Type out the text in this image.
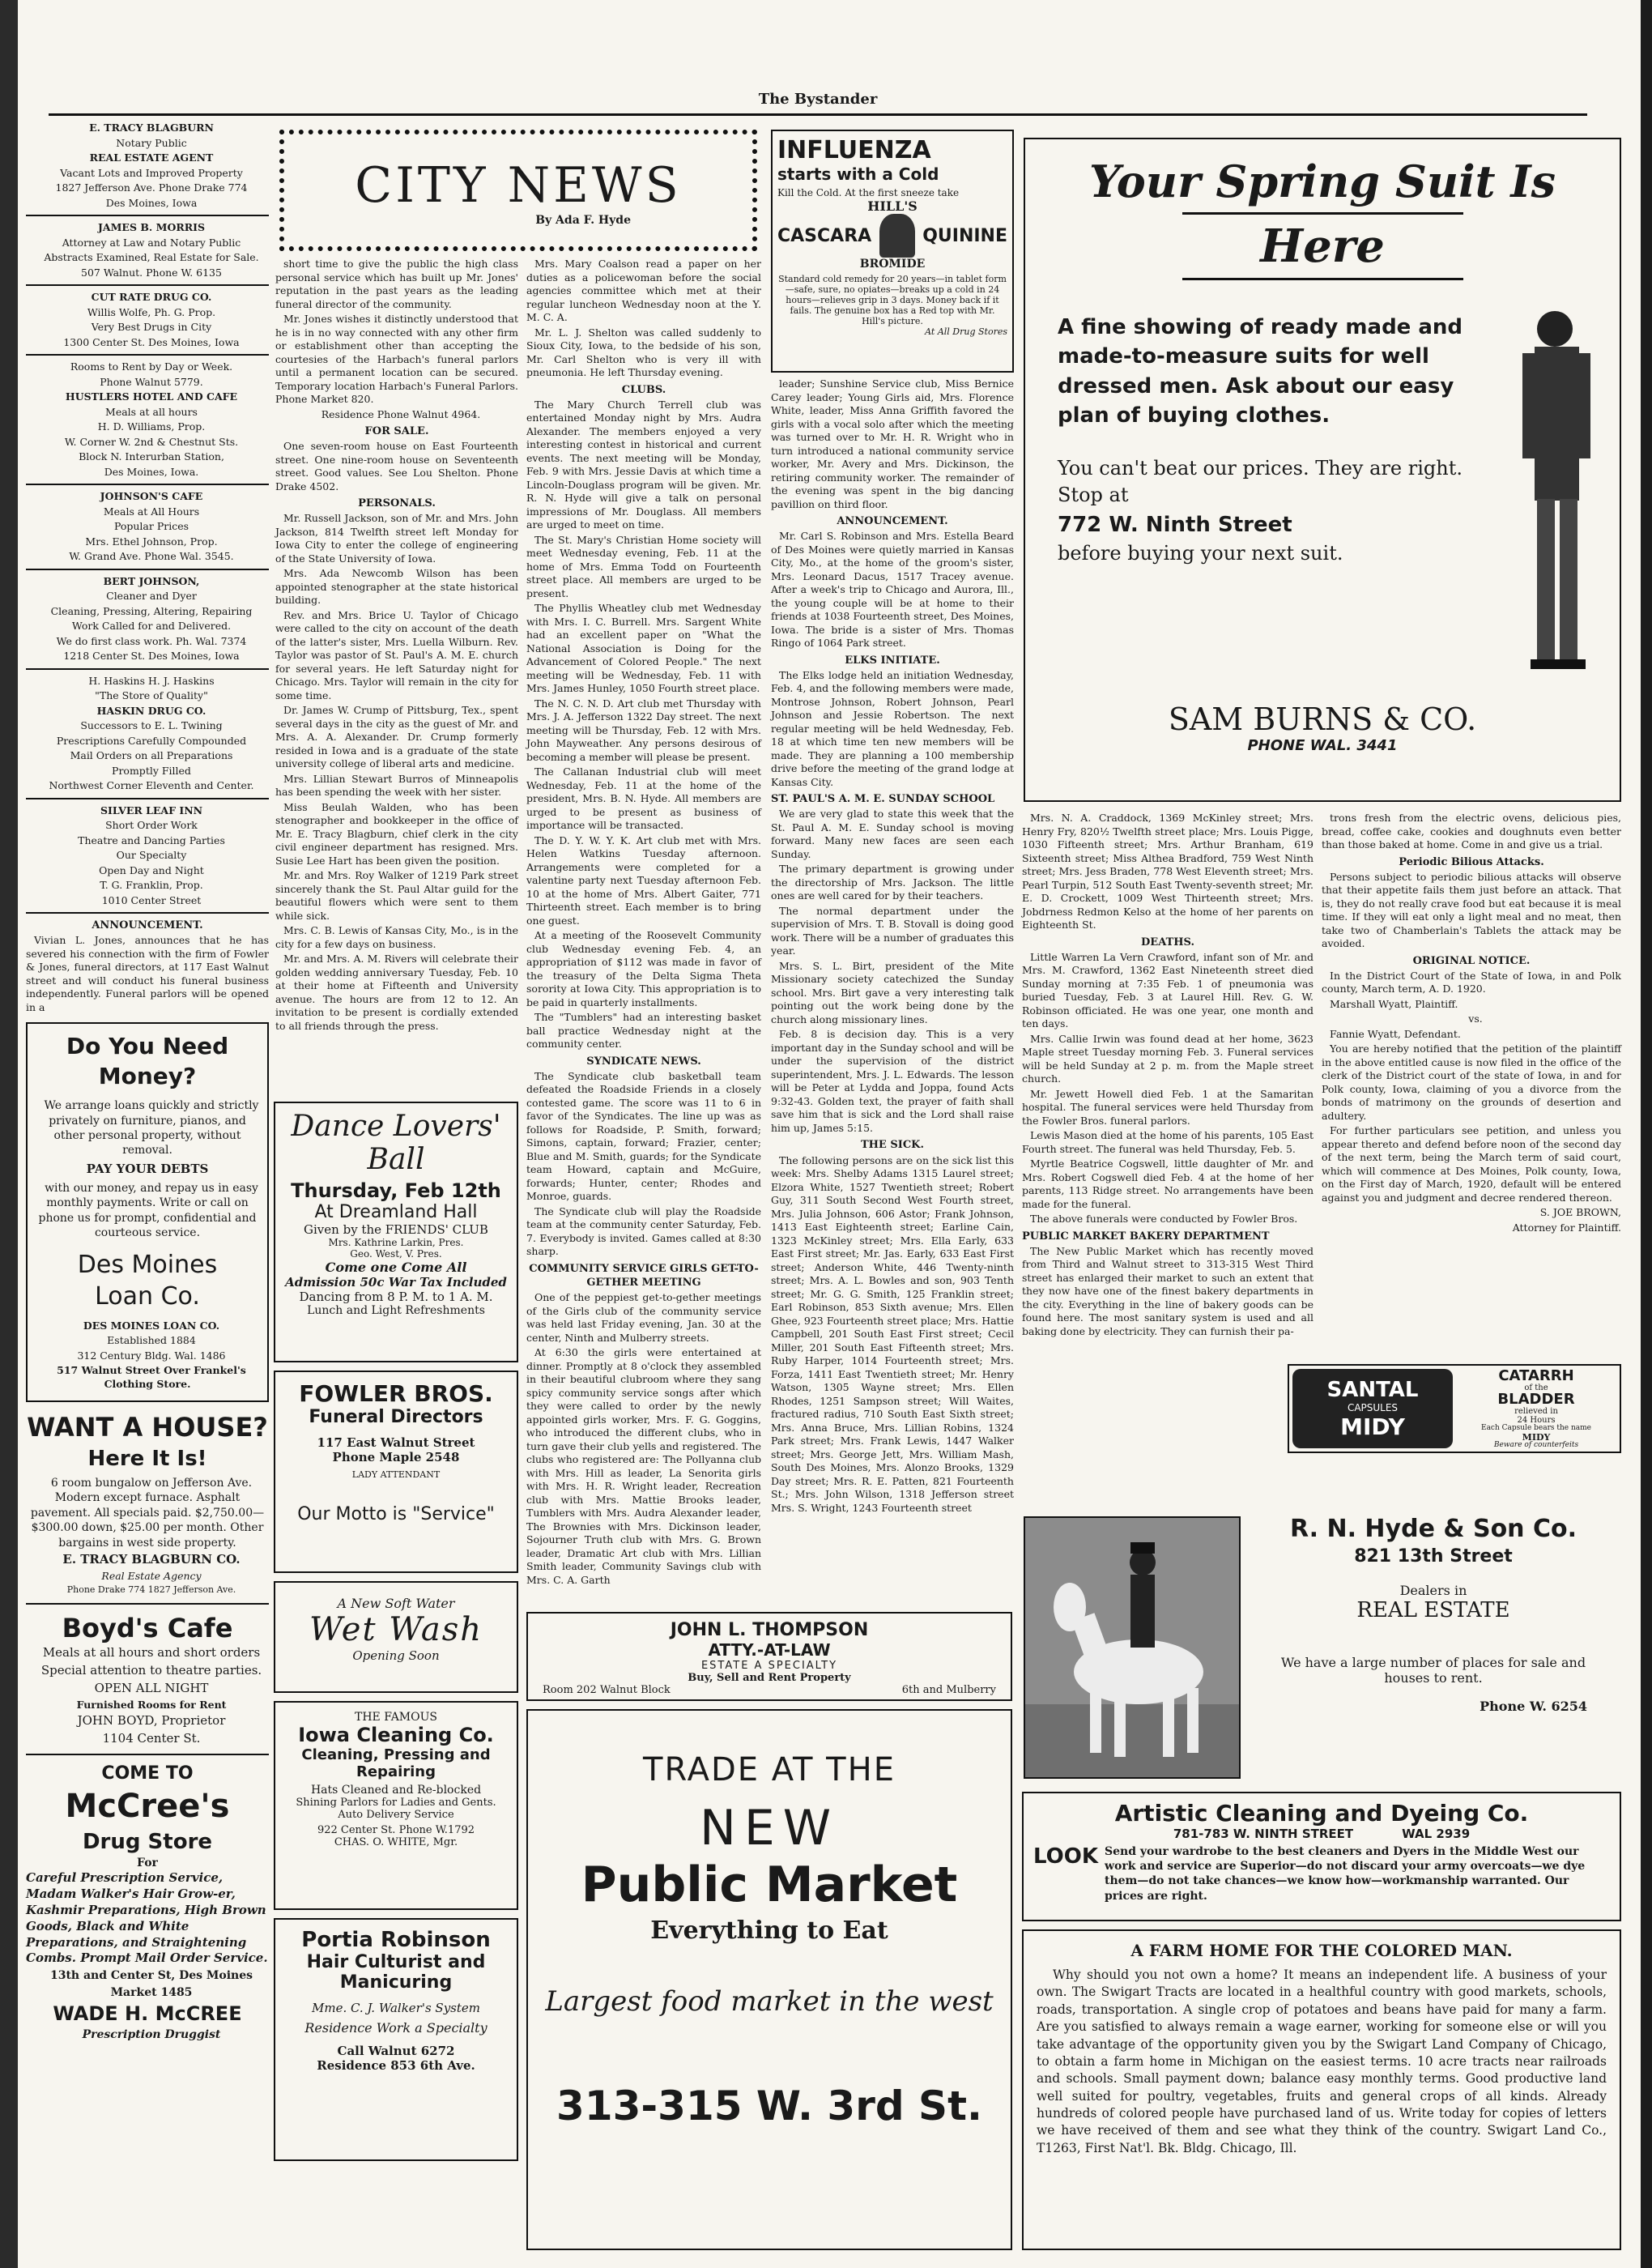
The Bystander

E. TRACY BLAGBURN

Notary Public

REAL ESTATE AGENT

Vacant Lots and Improved Property

1827 Jefferson Ave. Phone Drake 774

Des Moines, Iowa

JAMES B. MORRIS

Attorney at Law and Notary Public

Abstracts Examined, Real Estate for Sale.

507 Walnut. Phone W. 6135

CUT RATE DRUG CO.

Willis Wolfe, Ph. G. Prop.

Very Best Drugs in City

1300 Center St. Des Moines, Iowa

Rooms to Rent by Day or Week.

Phone Walnut 5779.

HUSTLERS HOTEL AND CAFE

Meals at all hours

H. D. Williams, Prop.

W. Corner W. 2nd & Chestnut Sts.

Block N. Interurban Station,

Des Moines, Iowa.

JOHNSON'S CAFE

Meals at All Hours

Popular Prices

Mrs. Ethel Johnson, Prop.

W. Grand Ave. Phone Wal. 3545.

BERT JOHNSON,

Cleaner and Dyer

Cleaning, Pressing, Altering, Repairing

Work Called for and Delivered.

We do first class work. Ph. Wal. 7374

1218 Center St. Des Moines, Iowa

H. Haskins H. J. Haskins

"The Store of Quality"

HASKIN DRUG CO.

Successors to E. L. Twining

Prescriptions Carefully Compounded

Mail Orders on all Preparations

Promptly Filled

Northwest Corner Eleventh and Center.

SILVER LEAF INN

Short Order Work

Theatre and Dancing Parties

Our Specialty

Open Day and Night

T. G. Franklin, Prop.

1010 Center Street

ANNOUNCEMENT.

Vivian L. Jones, announces that he has severed his connection with the firm of Fowler & Jones, funeral directors, at 117 East Walnut street and will conduct his funeral business independently. Funeral parlors will be opened in a

Do You Need
Money?

We arrange loans quickly and strictly privately on furniture, pianos, and other personal property, without removal.

PAY YOUR DEBTS

with our money, and repay us in easy monthly payments. Write or call on phone us for prompt, confidential and courteous service.

Des Moines
Loan Co.

DES MOINES LOAN CO.

Established 1884

312 Century Bldg. Wal. 1486

517 Walnut Street Over Frankel's Clothing Store.

WANT A HOUSE?
Here It Is!

6 room bungalow on Jefferson Ave. Modern except furnace. Asphalt pavement. All specials paid. $2,750.00—$300.00 down, $25.00 per month. Other bargains in west side property.

E. TRACY BLAGBURN CO.

Real Estate Agency

Phone Drake 774 1827 Jefferson Ave.

Boyd's Cafe

Meals at all hours and short orders

Special attention to theatre parties.

OPEN ALL NIGHT

Furnished Rooms for Rent

JOHN BOYD, Proprietor

1104 Center St.

COME TO
McCree's
Drug Store
For

Careful Prescription Service, Madam Walker's Hair Grow-er, Kashmir Preparations, High Brown Goods, Black and White Preparations, and Straightening Combs. Prompt Mail Order Service.

13th and Center St, Des Moines

Market 1485

WADE H. McCREE

Prescription Druggist

CITY NEWS
By Ada F. Hyde

short time to give the public the high class personal service which has built up Mr. Jones' reputation in the past years as the leading funeral director of the community.

Mr. Jones wishes it distinctly understood that he is in no way connected with any other firm or establishment other than accepting the courtesies of the Harbach's funeral parlors until a permanent location can be secured. Temporary location Harbach's Funeral Parlors. Phone Market 820.

Residence Phone Walnut 4964.

FOR SALE.

One seven-room house on East Fourteenth street. One nine-room house on Seventeenth street. Good values. See Lou Shelton. Phone Drake 4502.

PERSONALS.

Mr. Russell Jackson, son of Mr. and Mrs. John Jackson, 814 Twelfth street left Monday for Iowa City to enter the college of engineering of the State University of Iowa.

Mrs. Ada Newcomb Wilson has been appointed stenographer at the state historical building.

Rev. and Mrs. Brice U. Taylor of Chicago were called to the city on account of the death of the latter's sister, Mrs. Luella Wilburn. Rev. Taylor was pastor of St. Paul's A. M. E. church for several years. He left Saturday night for Chicago. Mrs. Taylor will remain in the city for some time.

Dr. James W. Crump of Pittsburg, Tex., spent several days in the city as the guest of Mr. and Mrs. A. A. Alexander. Dr. Crump formerly resided in Iowa and is a graduate of the state university college of liberal arts and medicine.

Mrs. Lillian Stewart Burros of Minneapolis has been spending the week with her sister.

Miss Beulah Walden, who has been stenographer and bookkeeper in the office of Mr. E. Tracy Blagburn, chief clerk in the city civil engineer department has resigned. Mrs. Susie Lee Hart has been given the position.

Mr. and Mrs. Roy Walker of 1219 Park street sincerely thank the St. Paul Altar guild for the beautiful flowers which were sent to them while sick.

Mrs. C. B. Lewis of Kansas City, Mo., is in the city for a few days on business.

Mr. and Mrs. A. M. Rivers will celebrate their golden wedding anniversary Tuesday, Feb. 10 at their home at Fifteenth and University avenue. The hours are from 12 to 12. An invitation to be present is cordially extended to all friends through the press.

Dance Lovers'
Ball
Thursday, Feb 12th
At Dreamland Hall
Given by the FRIENDS' CLUB
Mrs. Kathrine Larkin, Pres.
Geo. West, V. Pres.
Come one Come All
Admission 50c War Tax Included
Dancing from 8 P. M. to 1 A. M.
Lunch and Light Refreshments
FOWLER BROS.
Funeral Directors
117 East Walnut Street
Phone Maple 2548
LADY ATTENDANT
Our Motto is "Service"
A New Soft Water
Wet Wash
Opening Soon
THE FAMOUS
Iowa Cleaning Co.
Cleaning, Pressing and Repairing
Hats Cleaned and Re-blocked
Shining Parlors for Ladies and Gents.
Auto Delivery Service
922 Center St. Phone W.1792
CHAS. O. WHITE, Mgr.
Portia Robinson
Hair Culturist and Manicuring
Mme. C. J. Walker's System
Residence Work a Specialty
Call Walnut 6272
Residence 853 6th Ave.

Mrs. Mary Coalson read a paper on her duties as a policewoman before the social agencies committee which met at their regular luncheon Wednesday noon at the Y. M. C. A.

Mr. L. J. Shelton was called suddenly to Sioux City, Iowa, to the bedside of his son, Mr. Carl Shelton who is very ill with pneumonia. He left Thursday evening.

CLUBS.

The Mary Church Terrell club was entertained Monday night by Mrs. Audra Alexander. The members enjoyed a very interesting contest in historical and current events. The next meeting will be Monday, Feb. 9 with Mrs. Jessie Davis at which time a Lincoln-Douglass program will be given. Mr. R. N. Hyde will give a talk on personal impressions of Mr. Douglass. All members are urged to meet on time.

The St. Mary's Christian Home society will meet Wednesday evening, Feb. 11 at the home of Mrs. Emma Todd on Fourteenth street place. All members are urged to be present.

The Phyllis Wheatley club met Wednesday with Mrs. I. C. Burrell. Mrs. Sargent White had an excellent paper on "What the National Association is Doing for the Advancement of Colored People." The next meeting will be Wednesday, Feb. 11 with Mrs. James Hunley, 1050 Fourth street place.

The N. C. N. D. Art club met Thursday with Mrs. J. A. Jefferson 1322 Day street. The next meeting will be Thursday, Feb. 12 with Mrs. John Mayweather. Any persons desirous of becoming a member will please be present.

The Callanan Industrial club will meet Wednesday, Feb. 11 at the home of the president, Mrs. B. N. Hyde. All members are urged to be present as business of importance will be transacted.

The D. Y. W. Y. K. Art club met with Mrs. Helen Watkins Tuesday afternoon. Arrangements were completed for a valentine party next Tuesday afternoon Feb. 10 at the home of Mrs. Albert Gaiter, 771 Thirteenth street. Each member is to bring one guest.

At a meeting of the Roosevelt Community club Wednesday evening Feb. 4, an appropriation of $112 was made in favor of the treasury of the Delta Sigma Theta sorority at Iowa City. This appropriation is to be paid in quarterly installments.

The "Tumblers" had an interesting basket ball practice Wednesday night at the community center.

SYNDICATE NEWS.

The Syndicate club basketball team defeated the Roadside Friends in a closely contested game. The score was 11 to 6 in favor of the Syndicates. The line up was as follows for Roadside, P. Smith, forward; Simons, captain, forward; Frazier, center; Blue and M. Smith, guards; for the Syndicate team Howard, captain and McGuire, forwards; Hunter, center; Rhodes and Monroe, guards.

The Syndicate club will play the Roadside team at the community center Saturday, Feb. 7. Everybody is invited. Games called at 8:30 sharp.

COMMUNITY SERVICE GIRLS GET-TO-GETHER MEETING

One of the peppiest get-to-gether meetings of the Girls club of the community service was held last Friday evening, Jan. 30 at the center, Ninth and Mulberry streets.

At 6:30 the girls were entertained at dinner. Promptly at 8 o'clock they assembled in their beautiful clubroom where they sang spicy community service songs after which they were called to order by the newly appointed girls worker, Mrs. F. G. Goggins, who introduced the different clubs, who in turn gave their club yells and registered. The clubs who registered are: The Pollyanna club with Mrs. Hill as leader, La Senorita girls with Mrs. H. R. Wright leader, Recreation club with Mrs. Mattie Brooks leader, Tumblers with Mrs. Audra Alexander leader, The Brownies with Mrs. Dickinson leader, Sojourner Truth club with Mrs. G. Brown leader, Dramatic Art club with Mrs. Lillian Smith leader, Community Savings club with Mrs. C. A. Garth

INFLUENZA
starts with a Cold
Kill the Cold. At the first sneeze take
HILL'S
CASCARA	QUININE
BROMIDE
Standard cold remedy for 20 years—in tablet form—safe, sure, no opiates—breaks up a cold in 24 hours—relieves grip in 3 days. Money back if it fails. The genuine box has a Red top with Mr. Hill's picture.
At All Drug Stores

leader; Sunshine Service club, Miss Bernice Carey leader; Young Girls aid, Mrs. Florence White, leader, Miss Anna Griffith favored the girls with a vocal solo after which the meeting was turned over to Mr. H. R. Wright who in turn introduced a national community service worker, Mr. Avery and Mrs. Dickinson, the retiring community worker. The remainder of the evening was spent in the big dancing pavillion on third floor.

ANNOUNCEMENT.

Mr. Carl S. Robinson and Mrs. Estella Beard of Des Moines were quietly married in Kansas City, Mo., at the home of the groom's sister, Mrs. Leonard Dacus, 1517 Tracey avenue. After a week's trip to Chicago and Aurora, Ill., the young couple will be at home to their friends at 1038 Fourteenth street, Des Moines, Iowa. The bride is a sister of Mrs. Thomas Ringo of 1064 Park street.

ELKS INITIATE.

The Elks lodge held an initiation Wednesday, Feb. 4, and the following members were made, Montrose Johnson, Robert Johnson, Pearl Johnson and Jessie Robertson. The next regular meeting will be held Wednesday, Feb. 18 at which time ten new members will be made. They are planning a 100 membership drive before the meeting of the grand lodge at Kansas City.

ST. PAUL'S A. M. E. SUNDAY SCHOOL

We are very glad to state this week that the St. Paul A. M. E. Sunday school is moving forward. Many new faces are seen each Sunday.

The primary department is growing under the directorship of Mrs. Jackson. The little ones are well cared for by their teachers.

The normal department under the supervision of Mrs. T. B. Stovall is doing good work. There will be a number of graduates this year.

Mrs. S. L. Birt, president of the Mite Missionary society catechized the Sunday school. Mrs. Birt gave a very interesting talk pointing out the work being done by the church along missionary lines.

Feb. 8 is decision day. This is a very important day in the Sunday school and will be under the supervision of the district superintendent, Mrs. J. L. Edwards. The lesson will be Peter at Lydda and Joppa, found Acts 9:32-43. Golden text, the prayer of faith shall save him that is sick and the Lord shall raise him up, James 5:15.

THE SICK.

The following persons are on the sick list this week: Mrs. Shelby Adams 1315 Laurel street; Elzora White, 1527 Twentieth street; Robert Guy, 311 South Second West Fourth street, Mrs. Julia Johnson, 606 Astor; Frank Johnson, 1413 East Eighteenth street; Earline Cain, 1323 McKinley street; Mrs. Ella Early, 633 East First street; Mr. Jas. Early, 633 East First street; Anderson White, 446 Twenty-ninth street; Mrs. A. L. Bowles and son, 903 Tenth street; Mr. G. G. Smith, 125 Franklin street; Earl Robinson, 853 Sixth avenue; Mrs. Ellen Ghee, 923 Fourteenth street place; Mrs. Hattie Campbell, 201 South East First street; Cecil Miller, 201 South East Fifteenth street; Mrs. Ruby Harper, 1014 Fourteenth street; Mrs. Forza, 1411 East Twentieth street; Mr. Henry Watson, 1305 Wayne street; Mrs. Ellen Rhodes, 1251 Sampson street; Will Waites, fractured radius, 710 South East Sixth street; Mrs. Anna Bruce, Mrs. Lillian Robins, 1324 Park street; Mrs. Frank Lewis, 1447 Walker street; Mrs. George Jett, Mrs. William Mash, South Des Moines, Mrs. Alonzo Brooks, 1329 Day street; Mrs. R. E. Patten, 821 Fourteenth St.; Mrs. John Wilson, 1318 Jefferson street Mrs. S. Wright, 1243 Fourteenth street

JOHN L. THOMPSON
ATTY.-AT-LAW
ESTATE A SPECIALTY
Buy, Sell and Rent Property
Room 202 Walnut Block	6th and Mulberry
TRADE AT THE
NEW
Public Market
Everything to Eat
Largest food market in the west
313-315 W. 3rd St.
Your Spring Suit Is
Here
A fine showing of ready made and made-to-measure suits for well dressed men. Ask about our easy plan of buying clothes.
You can't beat our prices. They are right. Stop at
772 W. Ninth Street
before buying your next suit.
SAM BURNS & CO.
PHONE WAL. 3441

Mrs. N. A. Craddock, 1369 McKinley street; Mrs. Henry Fry, 820½ Twelfth street place; Mrs. Louis Pigge, 1030 Fifteenth street; Mrs. Arthur Branham, 619 Sixteenth street; Miss Althea Bradford, 759 West Ninth street; Mrs. Jess Braden, 778 West Eleventh street; Mrs. Pearl Turpin, 512 South East Twenty-seventh street; Mr. E. D. Crockett, 1009 West Thirteenth street; Mrs. Jobdrness Redmon Kelso at the home of her parents on Eighteenth St.

DEATHS.

Little Warren La Vern Crawford, infant son of Mr. and Mrs. M. Crawford, 1362 East Nineteenth street died Sunday morning at 7:35 Feb. 1 of pneumonia was buried Tuesday, Feb. 3 at Laurel Hill. Rev. G. W. Robinson officiated. He was one year, one month and ten days.

Mrs. Callie Irwin was found dead at her home, 3623 Maple street Tuesday morning Feb. 3. Funeral services will be held Sunday at 2 p. m. from the Maple street church.

Mr. Jewett Howell died Feb. 1 at the Samaritan hospital. The funeral services were held Thursday from the Fowler Bros. funeral parlors.

Lewis Mason died at the home of his parents, 105 East Fourth street. The funeral was held Thursday, Feb. 5.

Myrtle Beatrice Cogswell, little daughter of Mr. and Mrs. Robert Cogswell died Feb. 4 at the home of her parents, 113 Ridge street. No arrangements have been made for the funeral.

The above funerals were conducted by Fowler Bros.

PUBLIC MARKET BAKERY DEPARTMENT

The New Public Market which has recently moved from Third and Walnut street to 313-315 West Third street has enlarged their market to such an extent that they now have one of the finest bakery departments in the city. Everything in the line of bakery goods can be found here. The most sanitary system is used and all baking done by electricity. They can furnish their pa-

trons fresh from the electric ovens, delicious pies, bread, coffee cake, cookies and doughnuts even better than those baked at home. Come in and give us a trial.

Periodic Bilious Attacks.

Persons subject to periodic bilious attacks will observe that their appetite fails them just before an attack. That is, they do not really crave food but eat because it is meal time. If they will eat only a light meal and no meat, then take two of Chamberlain's Tablets the attack may be avoided.

ORIGINAL NOTICE.

In the District Court of the State of Iowa, in and Polk county, March term, A. D. 1920.

Marshall Wyatt, Plaintiff.

vs.

Fannie Wyatt, Defendant.

You are hereby notified that the petition of the plaintiff in the above entitled cause is now filed in the office of the clerk of the District court of the state of Iowa, in and for Polk county, Iowa, claiming of you a divorce from the bonds of matrimony on the grounds of desertion and adultery.

For further particulars see petition, and unless you appear thereto and defend before noon of the second day of the next term, being the March term of said court, which will commence at Des Moines, Polk county, Iowa, on the First day of March, 1920, default will be entered against you and judgment and decree rendered thereon.

S. JOE BROWN,

Attorney for Plaintiff.

SANTAL
CAPSULES
MIDY
CATARRH
of the
BLADDER
relieved in
24 Hours
Each Capsule bears the name
MIDY
Beware of counterfeits
R. N. Hyde & Son Co.
821 13th Street
Dealers in
REAL ESTATE
We have a large number of places for sale and houses to rent.
Phone W. 6254
Artistic Cleaning and Dyeing Co.
781-783 W. NINTH STREET	WAL 2939
LOOK Send your wardrobe to the best cleaners and Dyers in the Middle West our work and service are Superior—do not discard your army overcoats—we dye them—do not take chances—we know how—workmanship warranted. Our prices are right.
A FARM HOME FOR THE COLORED MAN.
Why should you not own a home? It means an independent life. A business of your own. The Swigart Tracts are located in a healthful country with good markets, schools, roads, transportation. A single crop of potatoes and beans have paid for many a farm. Are you satisfied to always remain a wage earner, working for someone else or will you take advantage of the opportunity given you by the Swigart Land Company of Chicago, to obtain a farm home in Michigan on the easiest terms. 10 acre tracts near railroads and schools. Small payment down; balance easy monthly terms. Good productive land well suited for poultry, vegetables, fruits and general crops of all kinds. Already hundreds of colored people have purchased land of us. Write today for copies of letters we have received of them and see what they think of the country. Swigart Land Co., T1263, First Nat'l. Bk. Bldg. Chicago, Ill.
